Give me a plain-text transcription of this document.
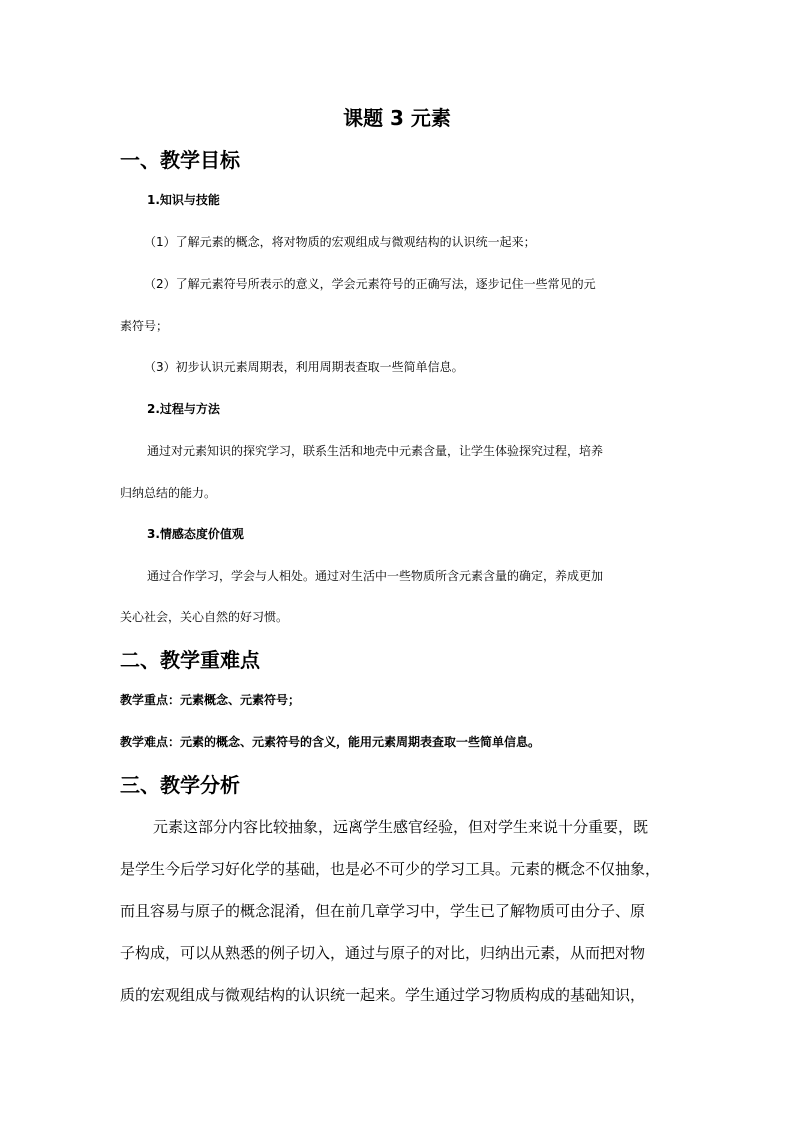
课题 3 元素
一、教学目标
1.知识与技能
（1）了解元素的概念，将对物质的宏观组成与微观结构的认识统一起来；
（2）了解元素符号所表示的意义，学会元素符号的正确写法，逐步记住一些常见的元
素符号；
（3）初步认识元素周期表，利用周期表查取一些简单信息。
2.过程与方法
通过对元素知识的探究学习，联系生活和地壳中元素含量，让学生体验探究过程，培养
归纳总结的能力。
3.情感态度价值观
通过合作学习，学会与人相处。通过对生活中一些物质所含元素含量的确定，养成更加
关心社会，关心自然的好习惯。
二、教学重难点
教学重点：元素概念、元素符号；
教学难点：元素的概念、元素符号的含义，能用元素周期表查取一些简单信息。
三、教学分析
元素这部分内容比较抽象，远离学生感官经验，但对学生来说十分重要，既
是学生今后学习好化学的基础，也是必不可少的学习工具。元素的概念不仅抽象，
而且容易与原子的概念混淆，但在前几章学习中，学生已了解物质可由分子、原
子构成，可以从熟悉的例子切入，通过与原子的对比，归纳出元素，从而把对物
质的宏观组成与微观结构的认识统一起来。学生通过学习物质构成的基础知识，
